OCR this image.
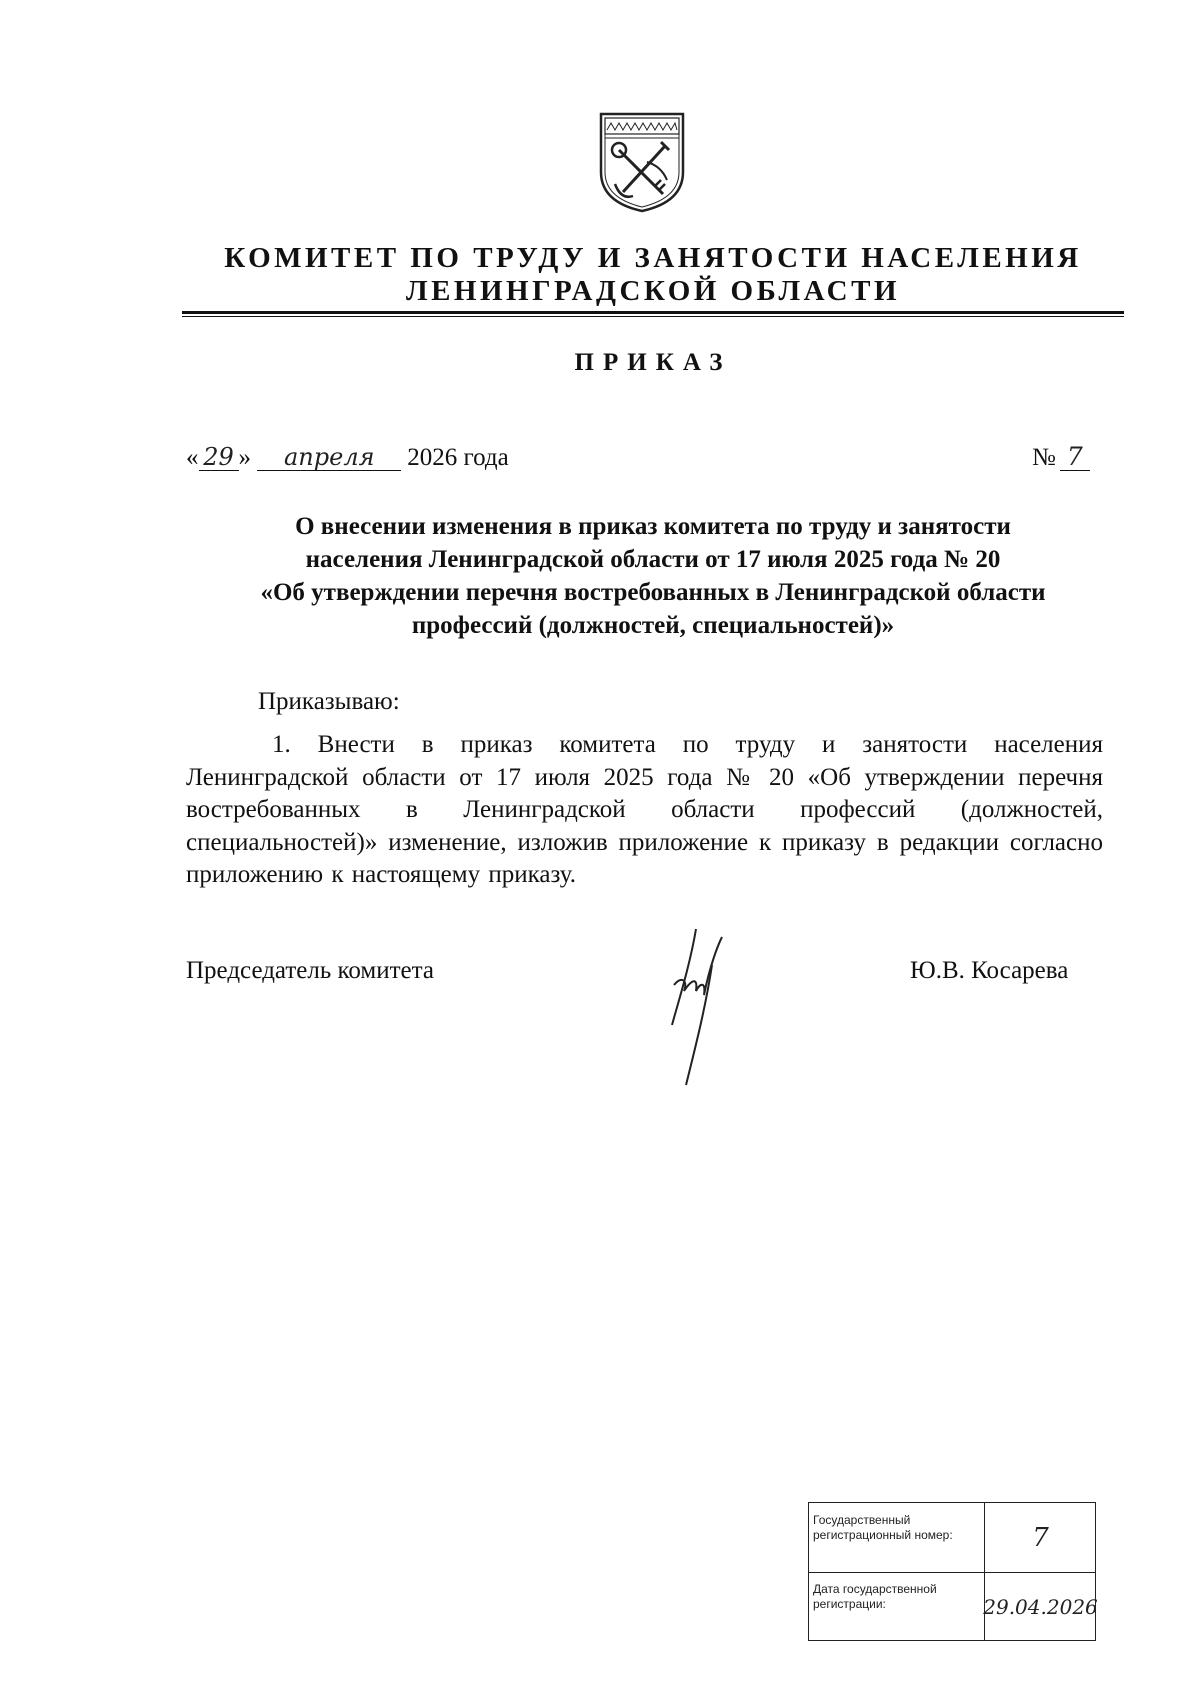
КОМИТЕТ ПО ТРУДУ И ЗАНЯТОСТИ НАСЕЛЕНИЯ
ЛЕНИНГРАДСКОЙ ОБЛАСТИ
ПРИКАЗ
« 29 » апреля 2026 года	№ 7
О внесении изменения в приказ комитета по труду и занятости
населения Ленинградской области от 17 июля 2025 года № 20
«Об утверждении перечня востребованных в Ленинградской области
профессий (должностей, специальностей)»
Приказываю:
1. Внести в приказ комитета по труду и занятости населения Ленинградской области от 17 июля 2025 года № 20 «Об утверждении перечня востребованных в Ленинградской области профессий (должностей, специальностей)» изменение, изложив приложение к приказу в редакции согласно приложению к настоящему приказу.
Председатель комитета	Ю.В. Косарева
Государственный регистрационный номер:	7
Дата государственной регистрации:	29.04.2026
